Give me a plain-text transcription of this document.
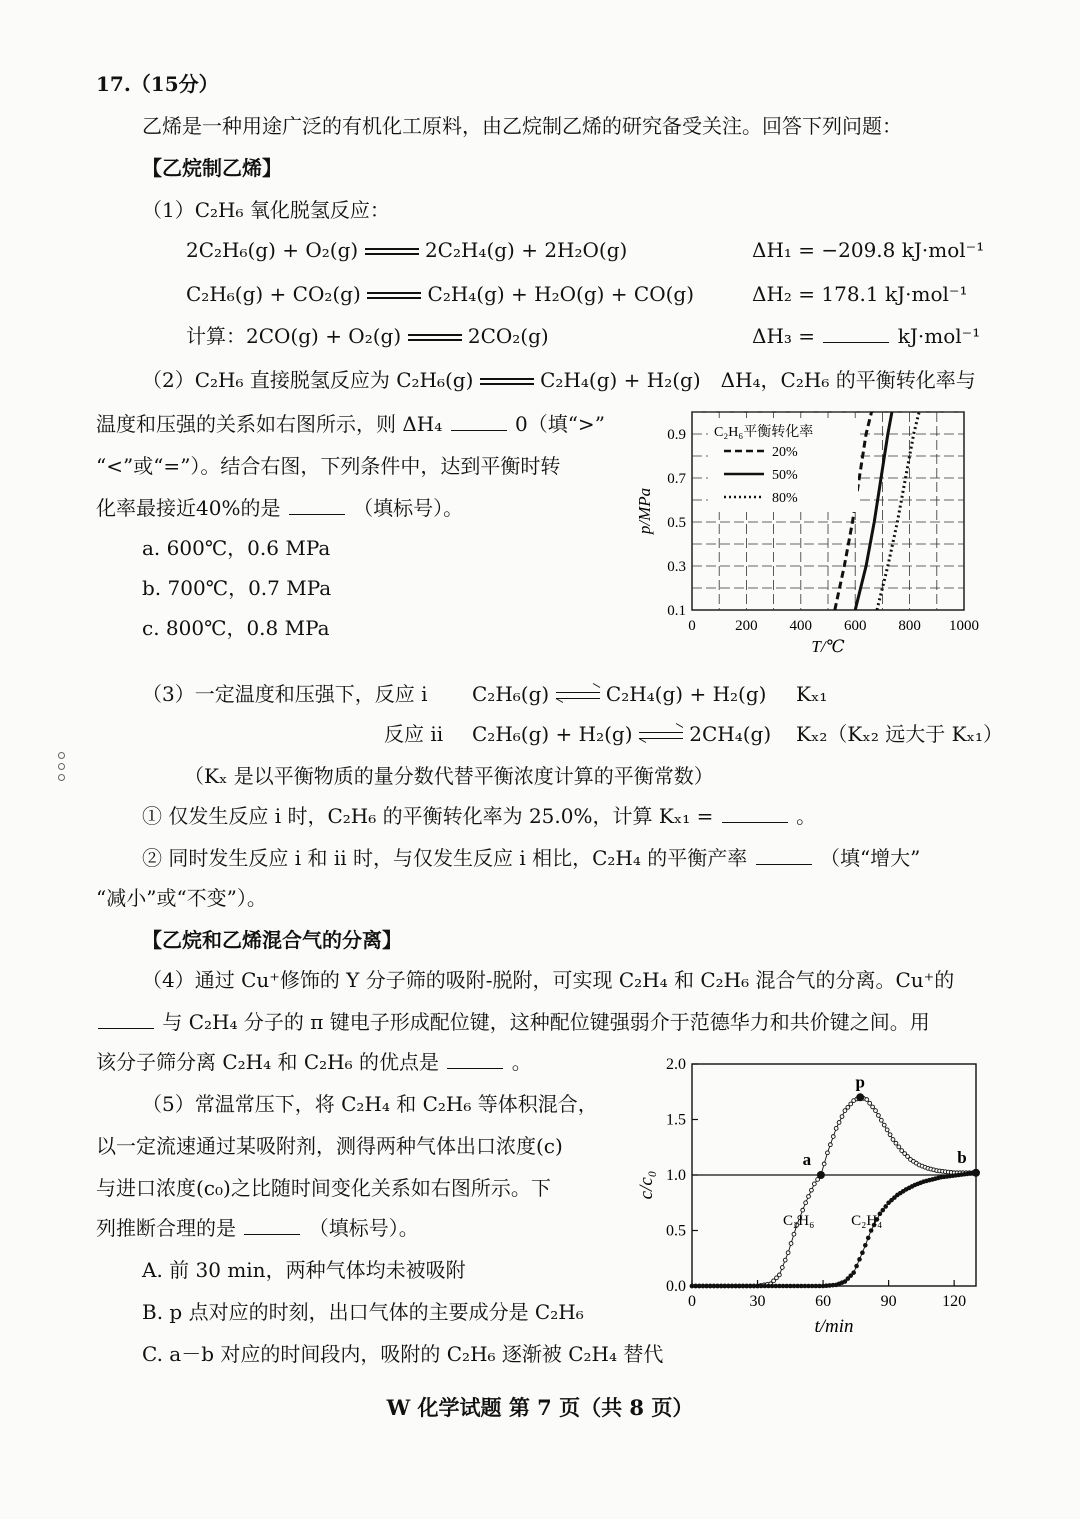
17.（15分）
乙烯是一种用途广泛的有机化工原料，由乙烷制乙烯的研究备受关注。回答下列问题：
【乙烷制乙烯】
（1）C₂H₆ 氧化脱氢反应：
2C₂H₆(g) + O₂(g)	2C₂H₄(g) + 2H₂O(g)	ΔH₁ = −209.8 kJ·mol⁻¹
C₂H₆(g) + CO₂(g)	C₂H₄(g) + H₂O(g) + CO(g)	ΔH₂ = 178.1 kJ·mol⁻¹
计算：2CO(g) + O₂(g)	2CO₂(g)	ΔH₃ =	kJ·mol⁻¹
（2）C₂H₆ 直接脱氢反应为 C₂H₆(g)	C₂H₄(g) + H₂(g)　ΔH₄，C₂H₆ 的平衡转化率与
温度和压强的关系如右图所示，则 ΔH₄	0（填“>”
“<”或“=”）。结合右图，下列条件中，达到平衡时转
化率最接近40%的是	（填标号）。
a. 600℃，0.6 MPa
b. 700℃，0.7 MPa
c. 800℃，0.8 MPa	0	200 400 600 800 1000
0.1
0.3
0.5
0.7
0.9
T/℃
p/MPa
C₂H₆平衡转化率
20%
50%
80%
（3）一定温度和压强下，反应 i C₂H₆(g)	C₂H₄(g) + H₂(g) Kₓ₁
反应 ii C₂H₆(g) + H₂(g)	2CH₄(g) Kₓ₂（Kₓ₂ 远大于 Kₓ₁）
（Kₓ 是以平衡物质的量分数代替平衡浓度计算的平衡常数）
① 仅发生反应 i 时，C₂H₆ 的平衡转化率为 25.0%，计算 Kₓ₁ =	。
② 同时发生反应 i 和 ii 时，与仅发生反应 i 相比，C₂H₄ 的平衡产率	（填“增大”
“减小”或“不变”）。
【乙烷和乙烯混合气的分离】
（4）通过 Cu⁺修饰的 Y 分子筛的吸附-脱附，可实现 C₂H₄ 和 C₂H₆ 混合气的分离。Cu⁺的
与 C₂H₄ 分子的 π 键电子形成配位键，这种配位键强弱介于范德华力和共价键之间。用
该分子筛分离 C₂H₄ 和 C₂H₆ 的优点是	。
（5）常温常压下，将 C₂H₄ 和 C₂H₆ 等体积混合，
以一定流速通过某吸附剂，测得两种气体出口浓度(c)
与进口浓度(c₀)之比随时间变化关系如右图所示。下
列推断合理的是	（填标号）。
A. 前 30 min，两种气体均未被吸附
B. p 点对应的时刻，出口气体的主要成分是 C₂H₆
C. a－b 对应的时间段内，吸附的 C₂H₆ 逐渐被 C₂H₄ 替代
0	30	60	90	120
0.0
0.5
1.0
1.5
2.0
t/min
c/c₀
p
a	b
C₂H₆ C₂H₄
W 化学试题 第 7 页（共 8 页）
